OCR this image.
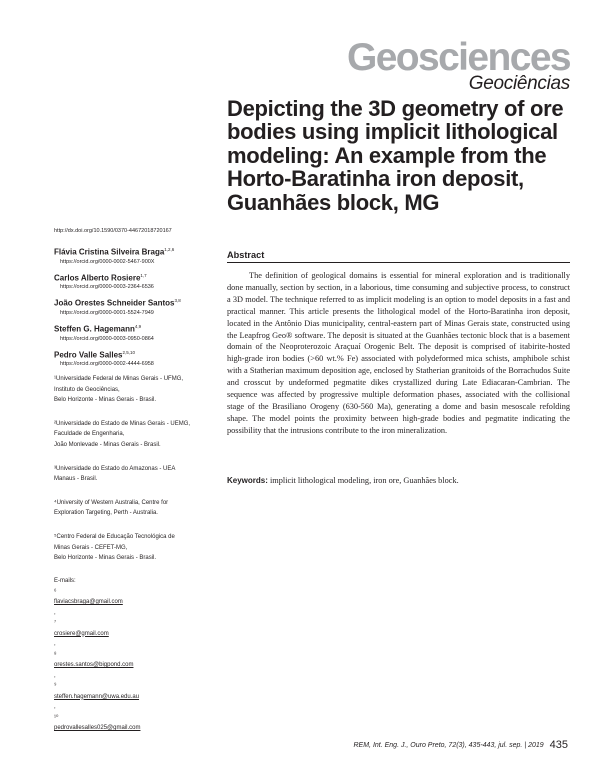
Geosciences
Geociências
Depicting the 3D geometry of ore bodies using implicit lithological modeling: An example from the Horto-Baratinha iron deposit, Guanhães block, MG
http://dx.doi.org/10.1590/0370-44672018720167
Flávia Cristina Silveira Braga$^{1,2,6}$
https://orcid.org/0000-0002-5467-900X
Carlos Alberto Rosiere$^{1,7}$
https://orcid.org/0000-0003-2364-6536
João Orestes Schneider Santos$^{3,8}$
https://orcid.org/0000-0001-5524-7949
Steffen G. Hagemann$^{4,9}$
https://orcid.org/0000-0003-0950-0864
Pedro Valle Salles$^{2,5,10}$
https://orcid.org/0000-0002-4444-6958
¹Universidade Federal de Minas Gerais - UFMG,
Instituto de Geociências,
Belo Horizonte - Minas Gerais - Brasil.
²Universidade do Estado de Minas Gerais - UEMG,
Faculdade de Engenharia,
João Monlevade - Minas Gerais - Brasil.
³Universidade do Estado do Amazonas - UEA
Manaus - Brasil.
⁴University of Western Australia, Centre for
Exploration Targeting, Perth - Australia.
⁵Centro Federal de Educação Tecnológica de
Minas Gerais - CEFET-MG,
Belo Horizonte - Minas Gerais - Brasil.
E-mails:
⁶
flaviacsbraga@gmail.com
,
⁷
crosiere@gmail.com
,
⁸
orestes.santos@bigpond.com
,
⁹
steffen.hagemann@uwa.edu.au
,
¹⁰
pedrovallesalles025@gmail.com
Abstract

The definition of geological domains is essential for mineral exploration and is traditionally done manually, section by section, in a laborious, time consuming and subjective process, to construct a 3D model. The technique referred to as implicit modeling is an option to model deposits in a fast and practical manner. This article presents the lithological model of the Horto-Baratinha iron deposit, located in the Antônio Dias municipality, central-eastern part of Minas Gerais state, constructed using the Leapfrog Geo® software. The deposit is situated at the Guanhães tectonic block that is a basement domain of the Neoproterozoic Araçuaí Orogenic Belt. The deposit is comprised of itabirite-hosted high-grade iron bodies (>60 wt.% Fe) associated with polydeformed mica schists, amphibole schist with a Statherian maximum deposition age, enclosed by Statherian granitoids of the Borrachudos Suite and crosscut by undeformed pegmatite dikes crystallized during Late Ediacaran-Cambrian. The sequence was affected by progressive multiple deformation phases, associated with the collisional stage of the Brasiliano Orogeny (630-560 Ma), generating a dome and basin mesoscale refolding shape. The model points the proximity between high-grade bodies and pegmatite indicating the possibility that the intrusions contribute to the iron mineralization.

Keywords: implicit lithological modeling, iron ore, Guanhães block.
REM, Int. Eng. J., Ouro Preto, 72(3), 435-443, jul. sep. | 2019 435
